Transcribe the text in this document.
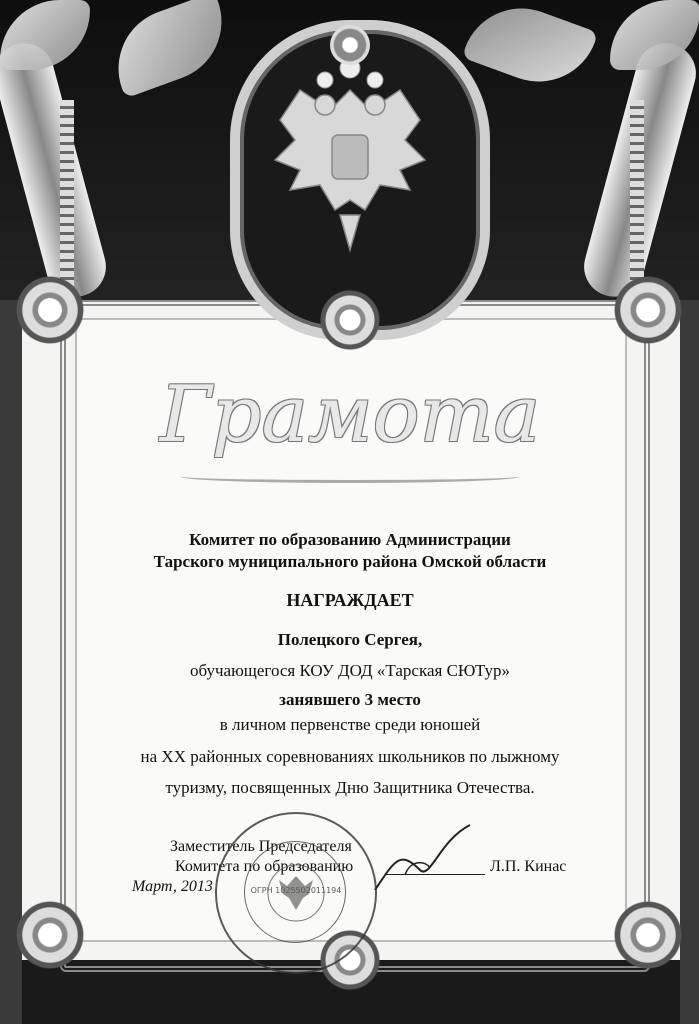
Грамота
Комитет по образованию Администрации
Тарского муниципального района Омской области
НАГРАЖДАЕТ
Полецкого Сергея,
обучающегося КОУ ДОД «Тарская СЮТур»
занявшего 3 место
в личном первенстве среди юношей
на XX районных соревнованиях школьников по лыжному
туризму, посвященных Дню Защитника Отечества.
Заместитель Председателя
Комитета по образованию
Март, 2013
Л.П. Кинас
ОГРН 1025502011194
